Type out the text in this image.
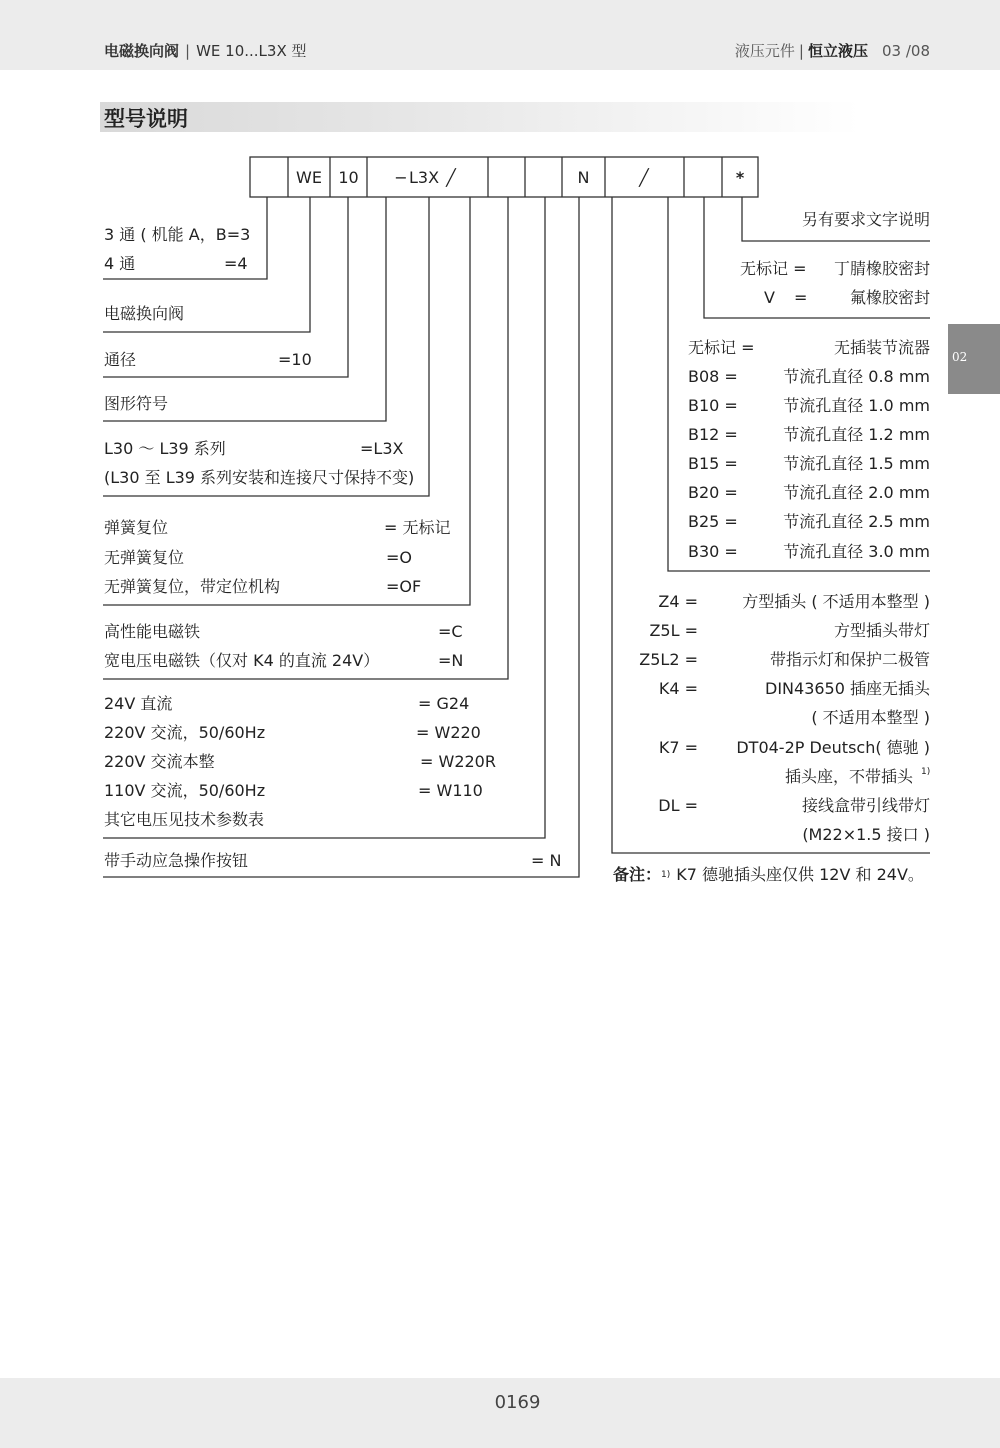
电磁换向阀 | WE 10...L3X 型	液压元件 | 恒立液压 03 /08
型号说明
02
WE	10	− L3X ╱	N	╱	*
3 通 ( 机能 A，B=3
4 通	=4
电磁换向阀
通径	=10
图形符号
L30 ～ L39 系列	=L3X
(L30 至 L39 系列安装和连接尺寸保持不变)
弹簧复位	= 无标记
无弹簧复位	=O
无弹簧复位，带定位机构	=OF
高性能电磁铁	=C
宽电压电磁铁（仅对 K4 的直流 24V）	=N
24V 直流	= G24
220V 交流，50/60Hz	= W220
220V 交流本整	= W220R
110V 交流，50/60Hz	= W110
其它电压见技术参数表
带手动应急操作按钮	= N
另有要求文字说明
无标记 = 丁腈橡胶密封
V =	氟橡胶密封
无标记 =	无插装节流器
B08 =	节流孔直径 0.8 mm
B10 =	节流孔直径 1.0 mm
B12 =	节流孔直径 1.2 mm
B15 =	节流孔直径 1.5 mm
B20 =	节流孔直径 2.0 mm
B25 =	节流孔直径 2.5 mm
B30 =	节流孔直径 3.0 mm
Z4 =	方型插头 ( 不适用本整型 )
Z5L =	方型插头带灯
Z5L2 =	带指示灯和保护二极管
K4 =	DIN43650 插座无插头
( 不适用本整型 )
K7 = DT04-2P Deutsch( 德驰 )
插头座，不带插头 1)
DL =	接线盒带引线带灯
(M22×1.5 接口 )
备注：$^{1)}$ K7 德驰插头座仅供 12V 和 24V。
0169
